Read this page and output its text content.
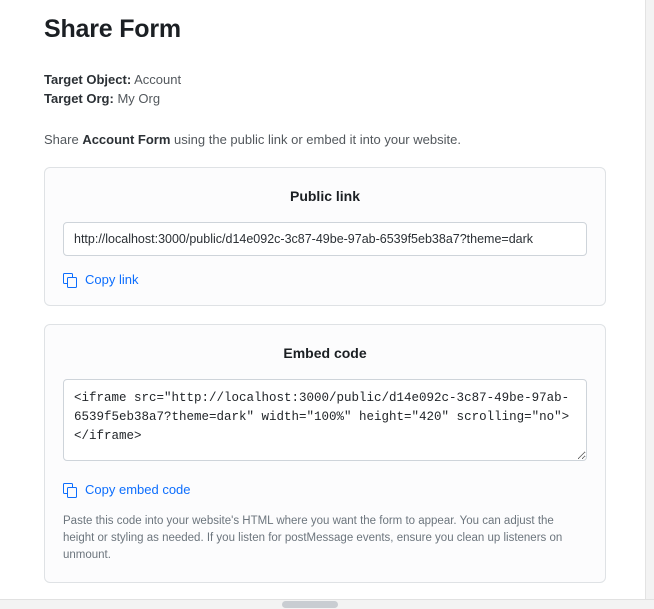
Share Form

Target Object: Account

Target Org: My Org

Share Account Form using the public link or embed it into your website.

Public link
http://localhost:3000/public/d14e092c-3c87-49be-97ab-6539f5eb38a7?theme=dark
Copy link
Embed code
<iframe src="http://localhost:3000/public/d14e092c-3c87-49be-97ab-6539f5eb38a7?theme=dark" width="100%" height="420" scrolling="no"></iframe>
Copy embed code
Paste this code into your website's HTML where you want the form to appear. You can adjust the height or styling as needed. If you listen for postMessage events, ensure you clean up listeners on unmount.
